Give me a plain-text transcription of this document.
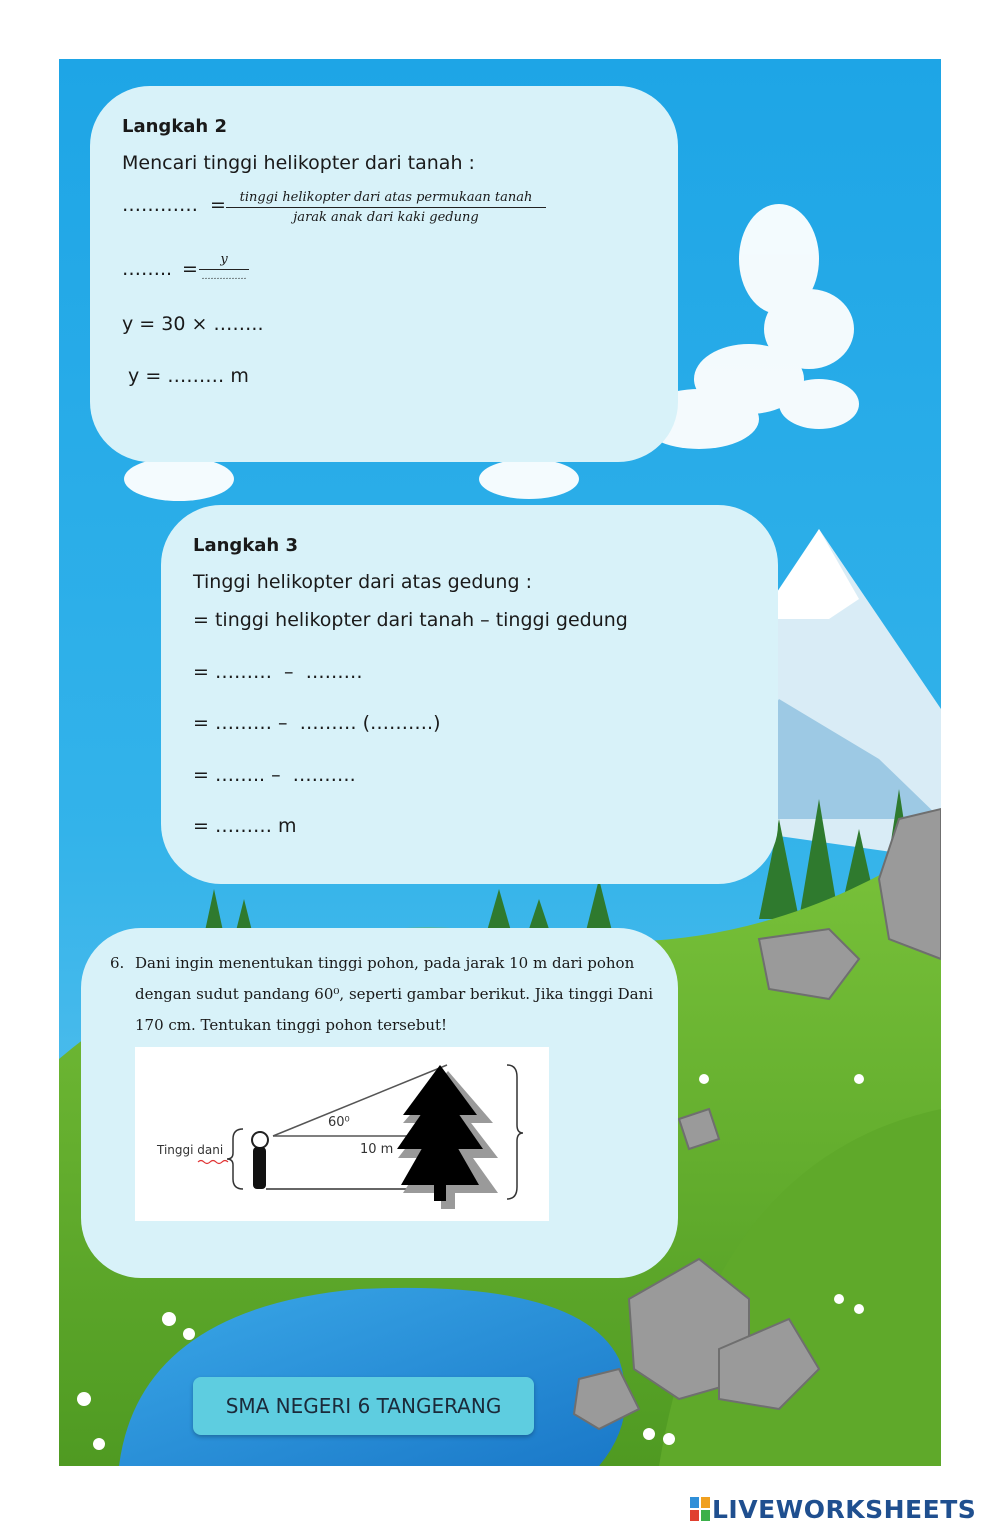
Langkah 2
Mencari tinggi helikopter dari tanah :
………… =	tinggi helikopter dari atas permukaan tanah
jarak anak dari kaki gedung
…….. =	y
……………
y = 30 × ……..
y = ……… m
Langkah 3
Tinggi helikopter dari atas gedung :
= tinggi helikopter dari tanah – tinggi gedung
= ………  –  ………
= ……… –  ……… (……….)
= …….. –  ……….
= ……… m
6. Dani ingin menentukan tinggi pohon, pada jarak 10 m dari pohon
dengan sudut pandang 60⁰, seperti gambar berikut. Jika tinggi Dani
170 cm. Tentukan tinggi pohon tersebut!
Tinggi dani
60⁰
10 m
SMA NEGERI 6 TANGERANG
LIVEWORKSHEETS
